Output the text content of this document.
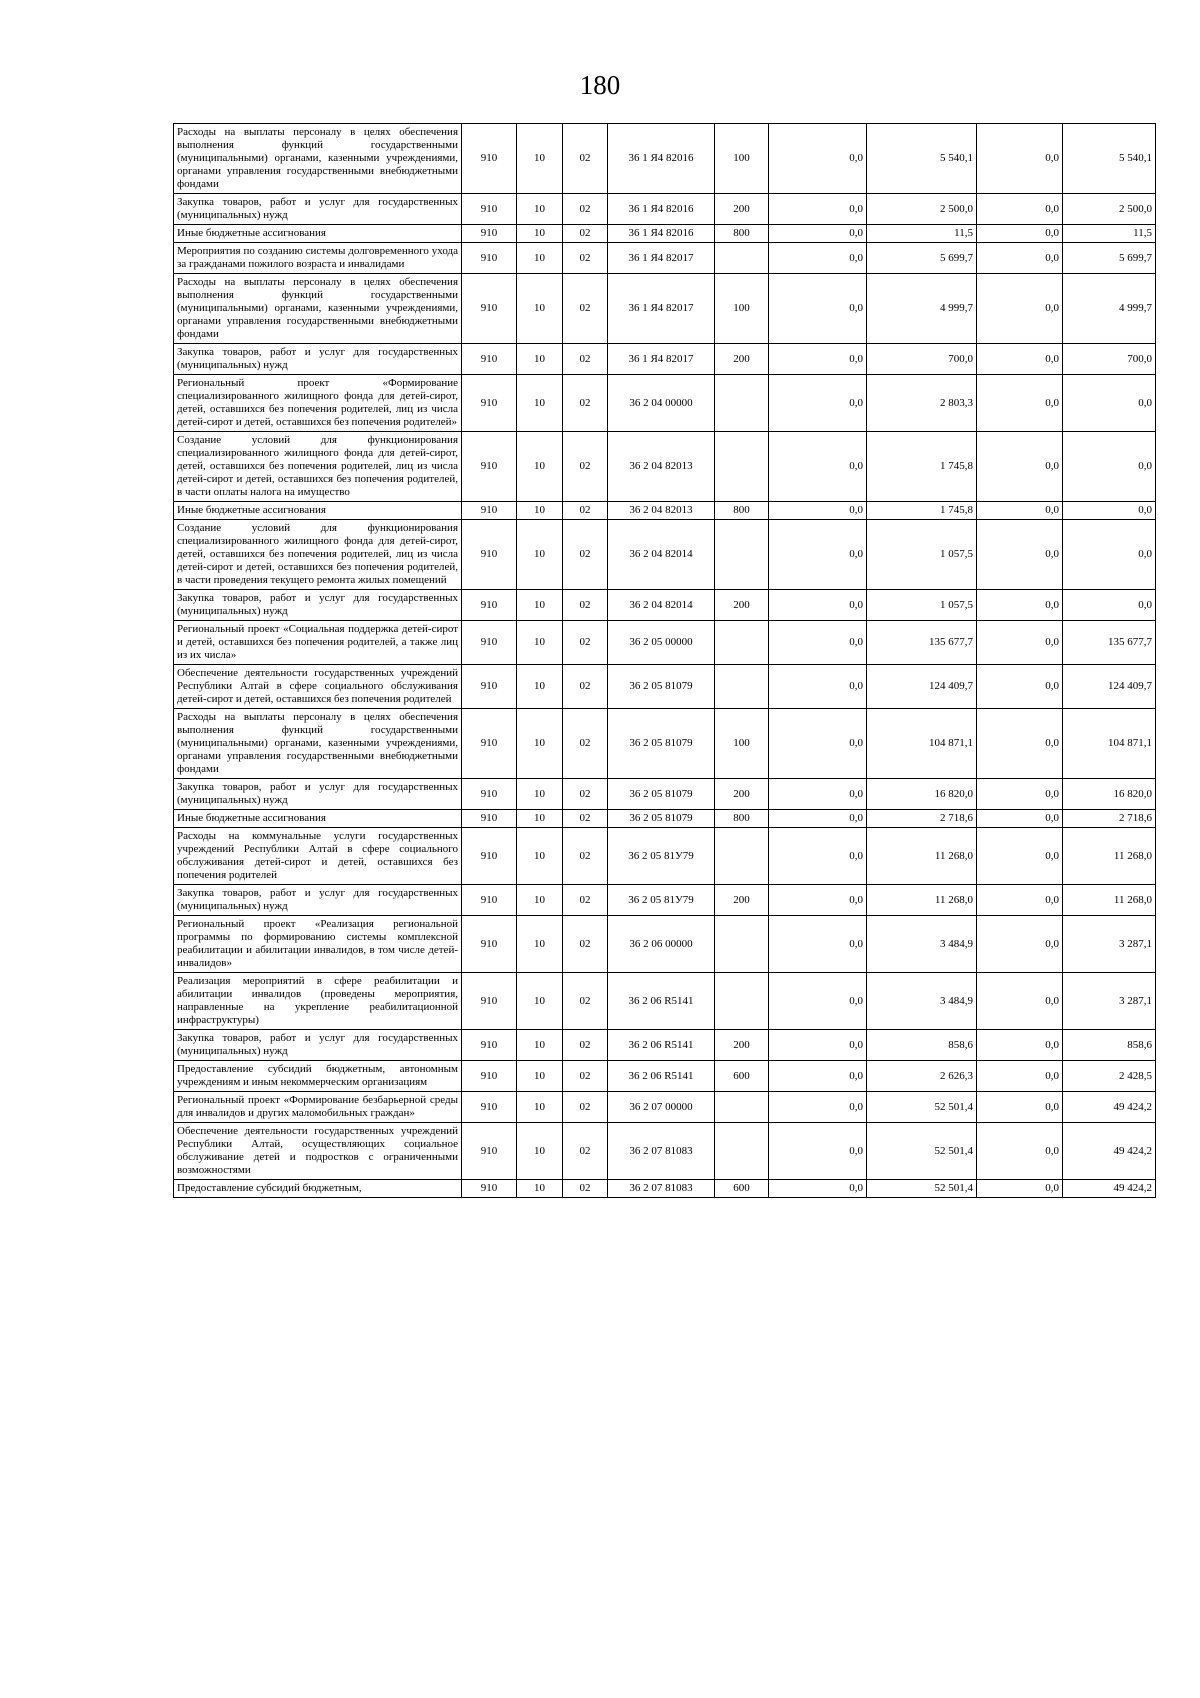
180
Расходы на выплаты персоналу в целях обеспечения выполнения функций государственными (муниципальными) органами, казенными учреждениями, органами управления государственными внебюджетными фондами	910	10	02	36 1 Я4 82016	100	0,0	5 540,1	0,0	5 540,1
Закупка товаров, работ и услуг для государственных (муниципальных) нужд	910	10	02	36 1 Я4 82016	200	0,0	2 500,0	0,0	2 500,0
Иные бюджетные ассигнования	910	10	02	36 1 Я4 82016	800	0,0	11,5	0,0	11,5
Мероприятия по созданию системы долговременного ухода за гражданами пожилого возраста и инвалидами	910	10	02	36 1 Я4 82017		0,0	5 699,7	0,0	5 699,7
Расходы на выплаты персоналу в целях обеспечения выполнения функций государственными (муниципальными) органами, казенными учреждениями, органами управления государственными внебюджетными фондами	910	10	02	36 1 Я4 82017	100	0,0	4 999,7	0,0	4 999,7
Закупка товаров, работ и услуг для государственных (муниципальных) нужд	910	10	02	36 1 Я4 82017	200	0,0	700,0	0,0	700,0
Региональный проект «Формирование специализированного жилищного фонда для детей-сирот, детей, оставшихся без попечения родителей, лиц из числа детей-сирот и детей, оставшихся без попечения родителей»	910	10	02	36 2 04 00000		0,0	2 803,3	0,0	0,0
Создание условий для функционирования специализированного жилищного фонда для детей-сирот, детей, оставшихся без попечения родителей, лиц из числа детей-сирот и детей, оставшихся без попечения родителей, в части оплаты налога на имущество	910	10	02	36 2 04 82013		0,0	1 745,8	0,0	0,0
Иные бюджетные ассигнования	910	10	02	36 2 04 82013	800	0,0	1 745,8	0,0	0,0
Создание условий для функционирования специализированного жилищного фонда для детей-сирот, детей, оставшихся без попечения родителей, лиц из числа детей-сирот и детей, оставшихся без попечения родителей, в части проведения текущего ремонта жилых помещений	910	10	02	36 2 04 82014		0,0	1 057,5	0,0	0,0
Закупка товаров, работ и услуг для государственных (муниципальных) нужд	910	10	02	36 2 04 82014	200	0,0	1 057,5	0,0	0,0
Региональный проект «Социальная поддержка детей-сирот и детей, оставшихся без попечения родителей, а также лиц из их числа»	910	10	02	36 2 05 00000		0,0	135 677,7	0,0	135 677,7
Обеспечение деятельности государственных учреждений Республики Алтай в сфере социального обслуживания детей-сирот и детей, оставшихся без попечения родителей	910	10	02	36 2 05 81079		0,0	124 409,7	0,0	124 409,7
Расходы на выплаты персоналу в целях обеспечения выполнения функций государственными (муниципальными) органами, казенными учреждениями, органами управления государственными внебюджетными фондами	910	10	02	36 2 05 81079	100	0,0	104 871,1	0,0	104 871,1
Закупка товаров, работ и услуг для государственных (муниципальных) нужд	910	10	02	36 2 05 81079	200	0,0	16 820,0	0,0	16 820,0
Иные бюджетные ассигнования	910	10	02	36 2 05 81079	800	0,0	2 718,6	0,0	2 718,6
Расходы на коммунальные услуги государственных учреждений Республики Алтай в сфере социального обслуживания детей-сирот и детей, оставшихся без попечения родителей	910	10	02	36 2 05 81У79		0,0	11 268,0	0,0	11 268,0
Закупка товаров, работ и услуг для государственных (муниципальных) нужд	910	10	02	36 2 05 81У79	200	0,0	11 268,0	0,0	11 268,0
Региональный проект «Реализация региональной программы по формированию системы комплексной реабилитации и абилитации инвалидов, в том числе детей-инвалидов»	910	10	02	36 2 06 00000		0,0	3 484,9	0,0	3 287,1
Реализация мероприятий в сфере реабилитации и абилитации инвалидов (проведены мероприятия, направленные на укрепление реабилитационной инфраструктуры)	910	10	02	36 2 06 R5141		0,0	3 484,9	0,0	3 287,1
Закупка товаров, работ и услуг для государственных (муниципальных) нужд	910	10	02	36 2 06 R5141	200	0,0	858,6	0,0	858,6
Предоставление субсидий бюджетным, автономным учреждениям и иным некоммерческим организациям	910	10	02	36 2 06 R5141	600	0,0	2 626,3	0,0	2 428,5
Региональный проект «Формирование безбарьерной среды для инвалидов и других маломобильных граждан»	910	10	02	36 2 07 00000		0,0	52 501,4	0,0	49 424,2
Обеспечение деятельности государственных учреждений Республики Алтай, осуществляющих социальное обслуживание детей и подростков с ограниченными возможностями	910	10	02	36 2 07 81083		0,0	52 501,4	0,0	49 424,2
Предоставление субсидий бюджетным,	910	10	02	36 2 07 81083	600	0,0	52 501,4	0,0	49 424,2
